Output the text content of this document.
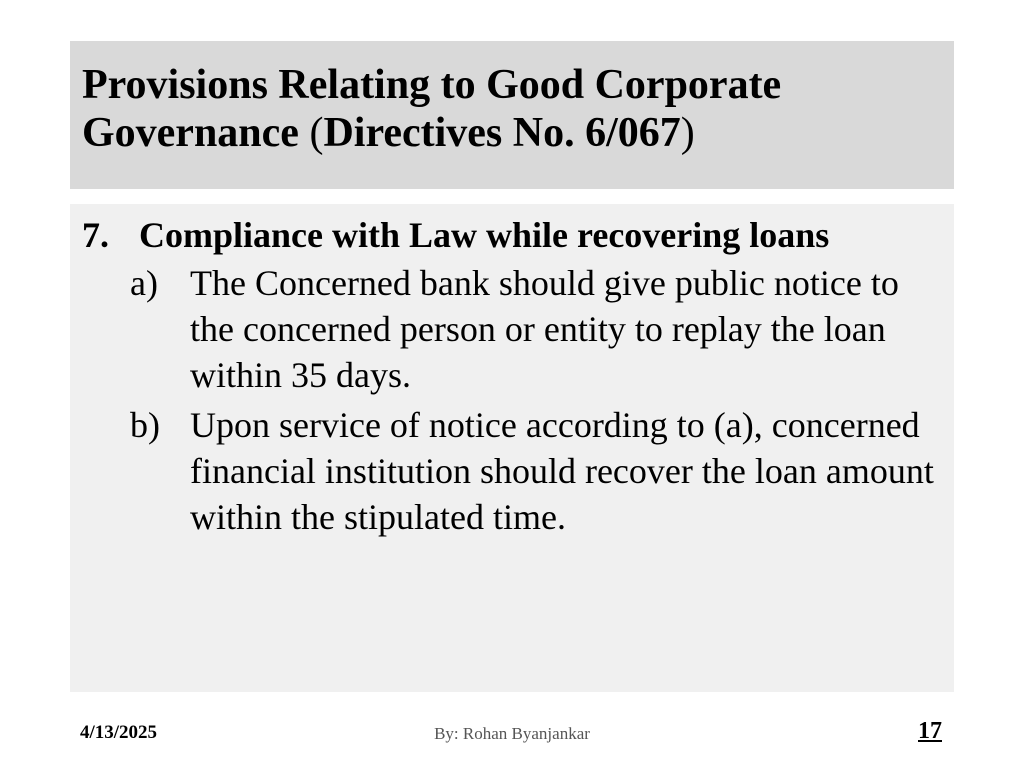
Provisions Relating to Good Corporate
Governance (Directives No. 6/067)
7. Compliance with Law while recovering loans
a) The Concerned bank should give public notice to the concerned person or entity to replay the loan within 35 days.
b) Upon service of notice according to (a), concerned financial institution should recover the loan amount within the stipulated time.
4/13/2025	By: Rohan Byanjankar	17
